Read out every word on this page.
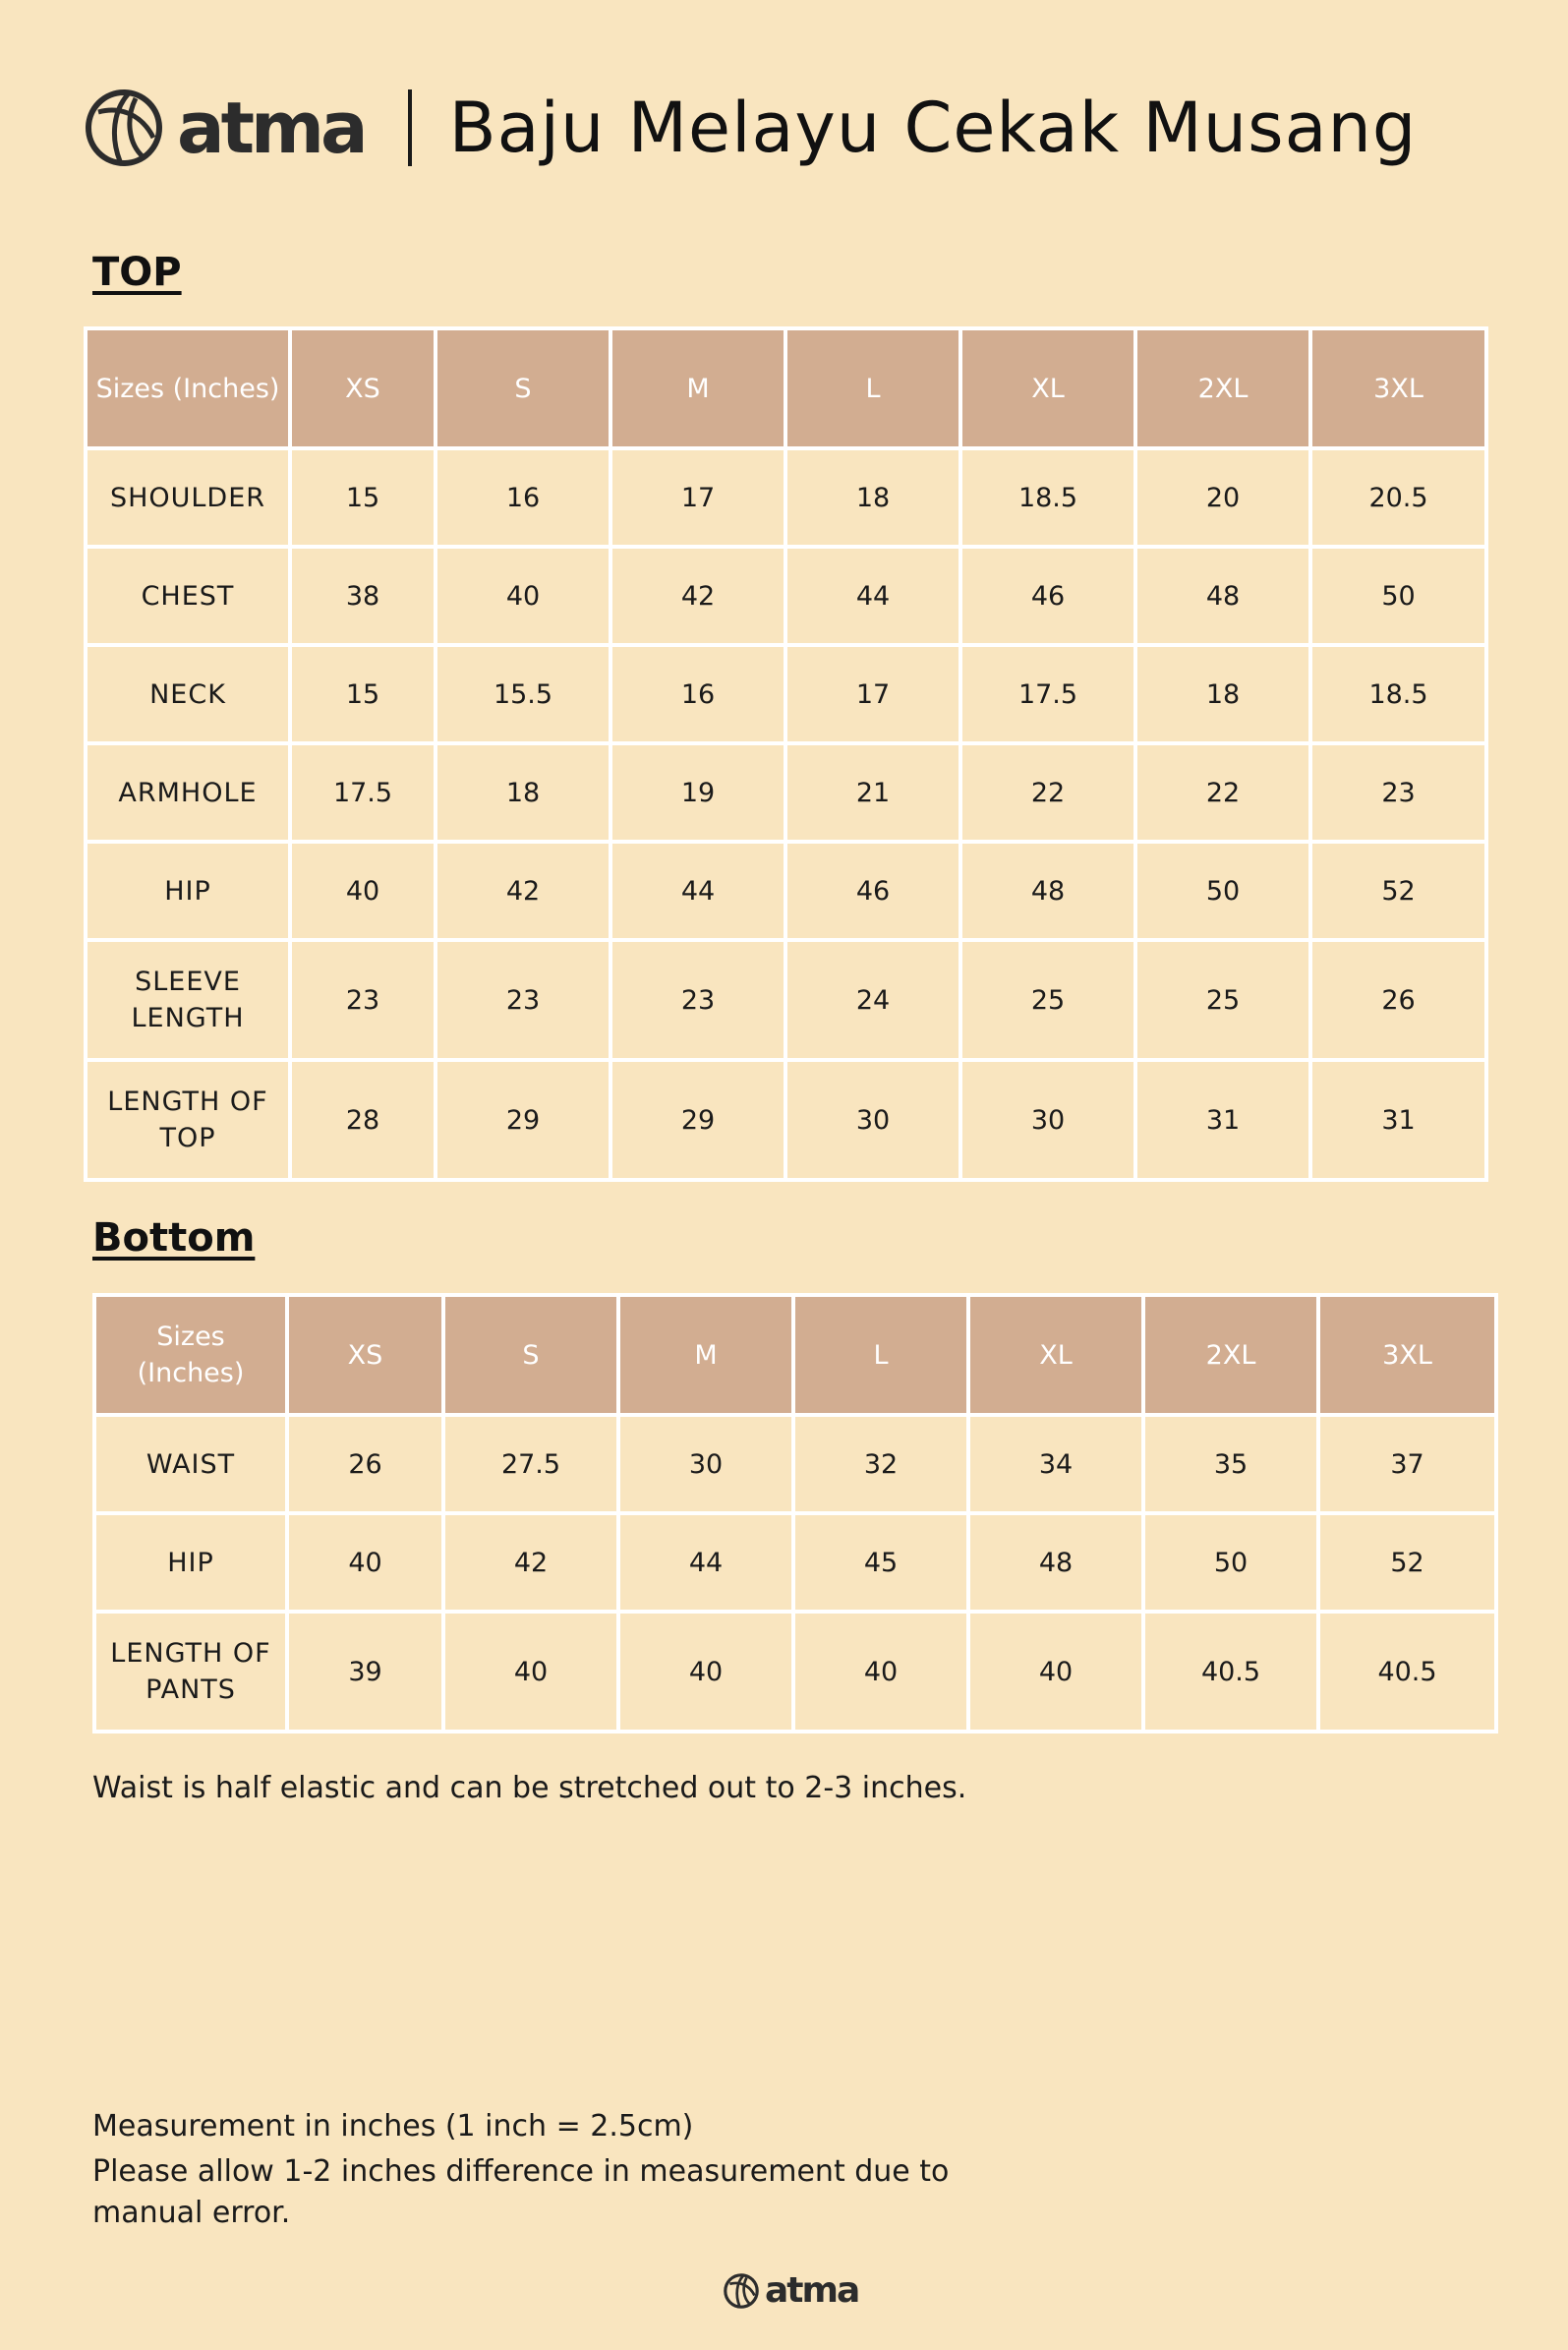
atma Baju Melayu Cekak Musang
TOP
Sizes (Inches)	XS	S	M	L	XL	2XL	3XL
SHOULDER	15	16	17	18	18.5	20	20.5
CHEST	38	40	42	44	46	48	50
NECK	15	15.5	16	17	17.5	18	18.5
ARMHOLE	17.5	18	19	21	22	22	23
HIP	40	42	44	46	48	50	52
SLEEVE LENGTH	23	23	23	24	25	25	26
LENGTH OF TOP	28	29	29	30	30	31	31
Bottom
Sizes (Inches)	XS	S	M	L	XL	2XL	3XL
WAIST	26	27.5	30	32	34	35	37
HIP	40	42	44	45	48	50	52
LENGTH OF PANTS	39	40	40	40	40	40.5	40.5
Waist is half elastic and can be stretched out to 2-3 inches.
Measurement in inches (1 inch = 2.5cm)
Please allow 1-2 inches difference in measurement due to manual error.
atma
